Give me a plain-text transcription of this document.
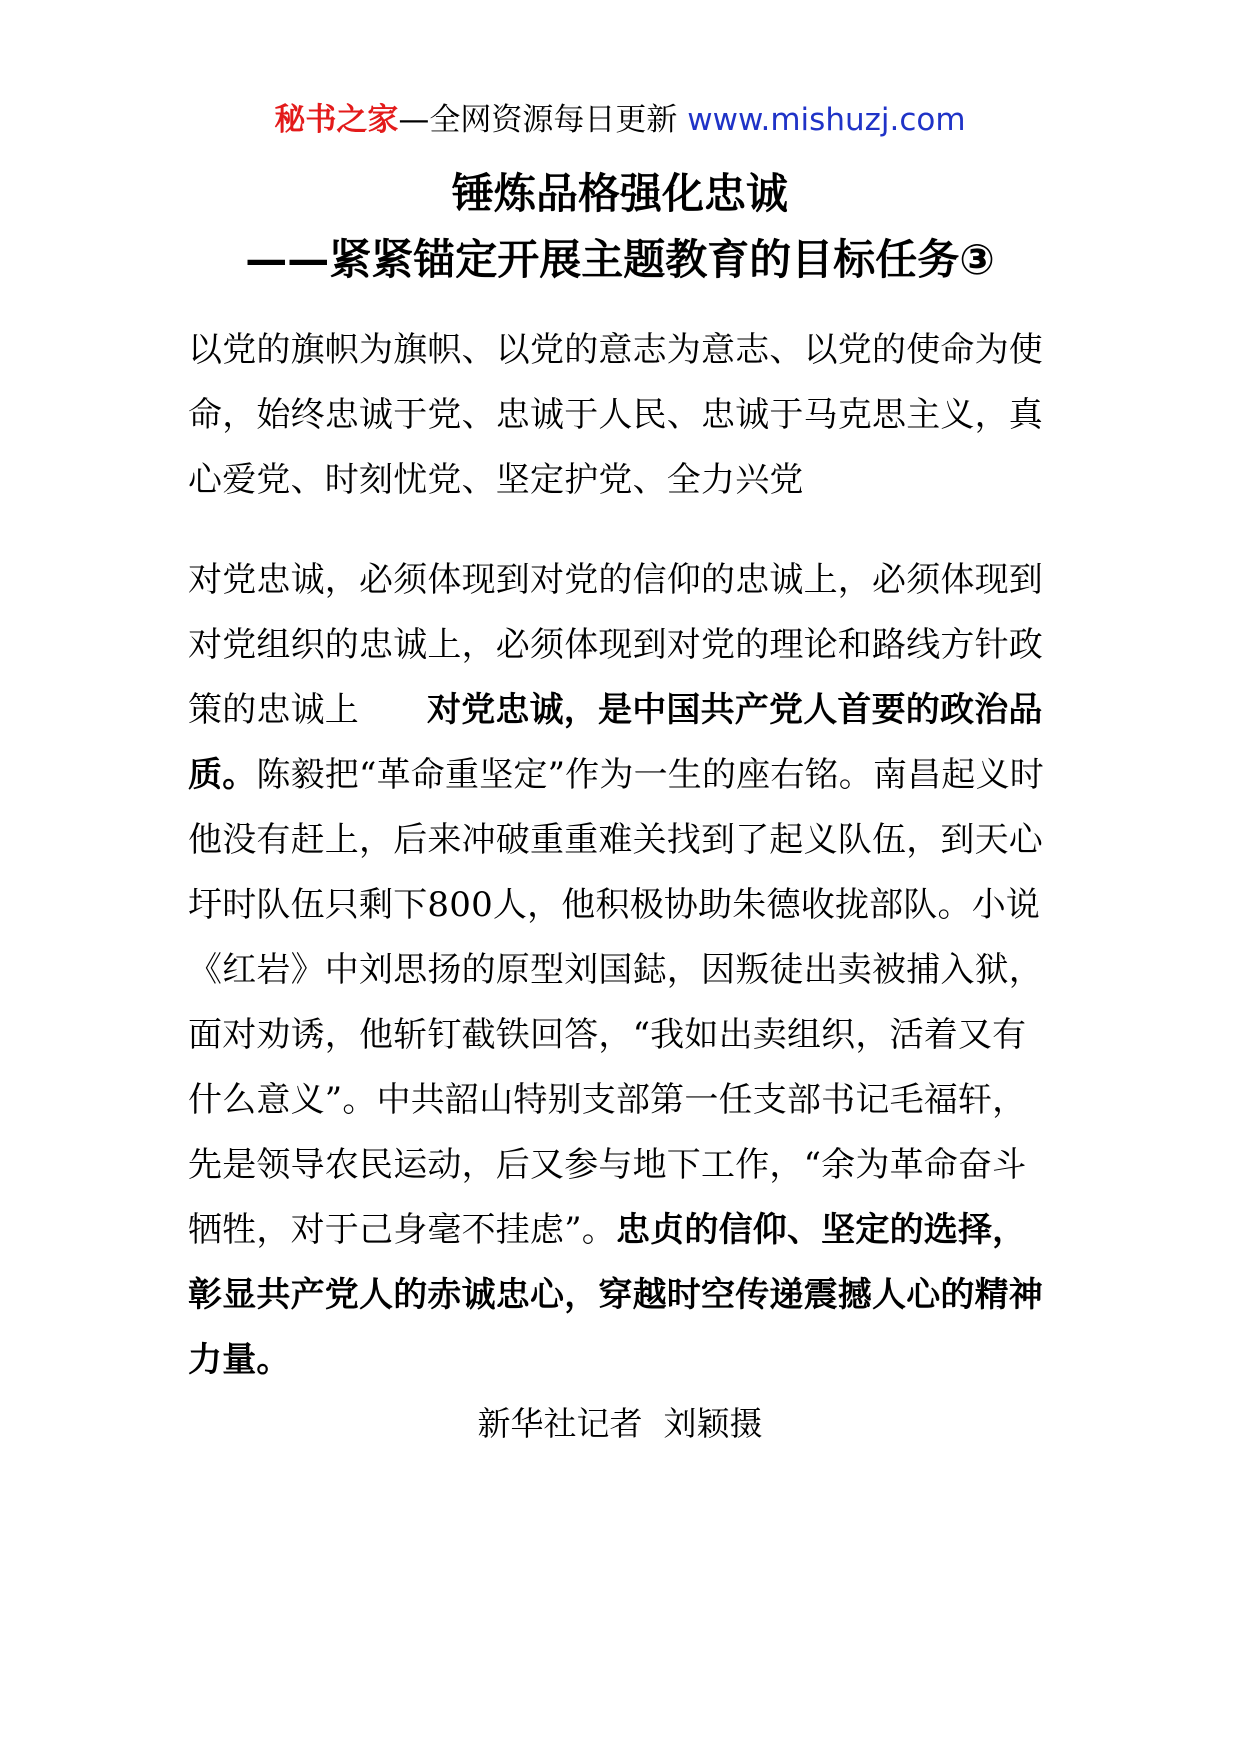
秘书之家—全网资源每日更新 www.mishuzj.com
锤炼品格强化忠诚
——紧紧锚定开展主题教育的目标任务③

以党的旗帜为旗帜、以党的意志为意志、以党的使命为使命，始终忠诚于党、忠诚于人民、忠诚于马克思主义，真心爱党、时刻忧党、坚定护党、全力兴党

对党忠诚，必须体现到对党的信仰的忠诚上，必须体现到对党组织的忠诚上，必须体现到对党的理论和路线方针政策的忠诚上 对党忠诚，是中国共产党人首要的政治品质。陈毅把“革命重坚定”作为一生的座右铭。南昌起义时他没有赶上，后来冲破重重难关找到了起义队伍，到天心圩时队伍只剩下800人，他积极协助朱德收拢部队。小说《红岩》中刘思扬的原型刘国鋕，因叛徒出卖被捕入狱，面对劝诱，他斩钉截铁回答，“我如出卖组织，活着又有什么意义”。中共韶山特别支部第一任支部书记毛福轩，先是领导农民运动，后又参与地下工作，“余为革命奋斗牺牲，对于己身毫不挂虑”。忠贞的信仰、坚定的选择，彰显共产党人的赤诚忠心，穿越时空传递震撼人心的精神力量。

新华社记者  刘颖摄
